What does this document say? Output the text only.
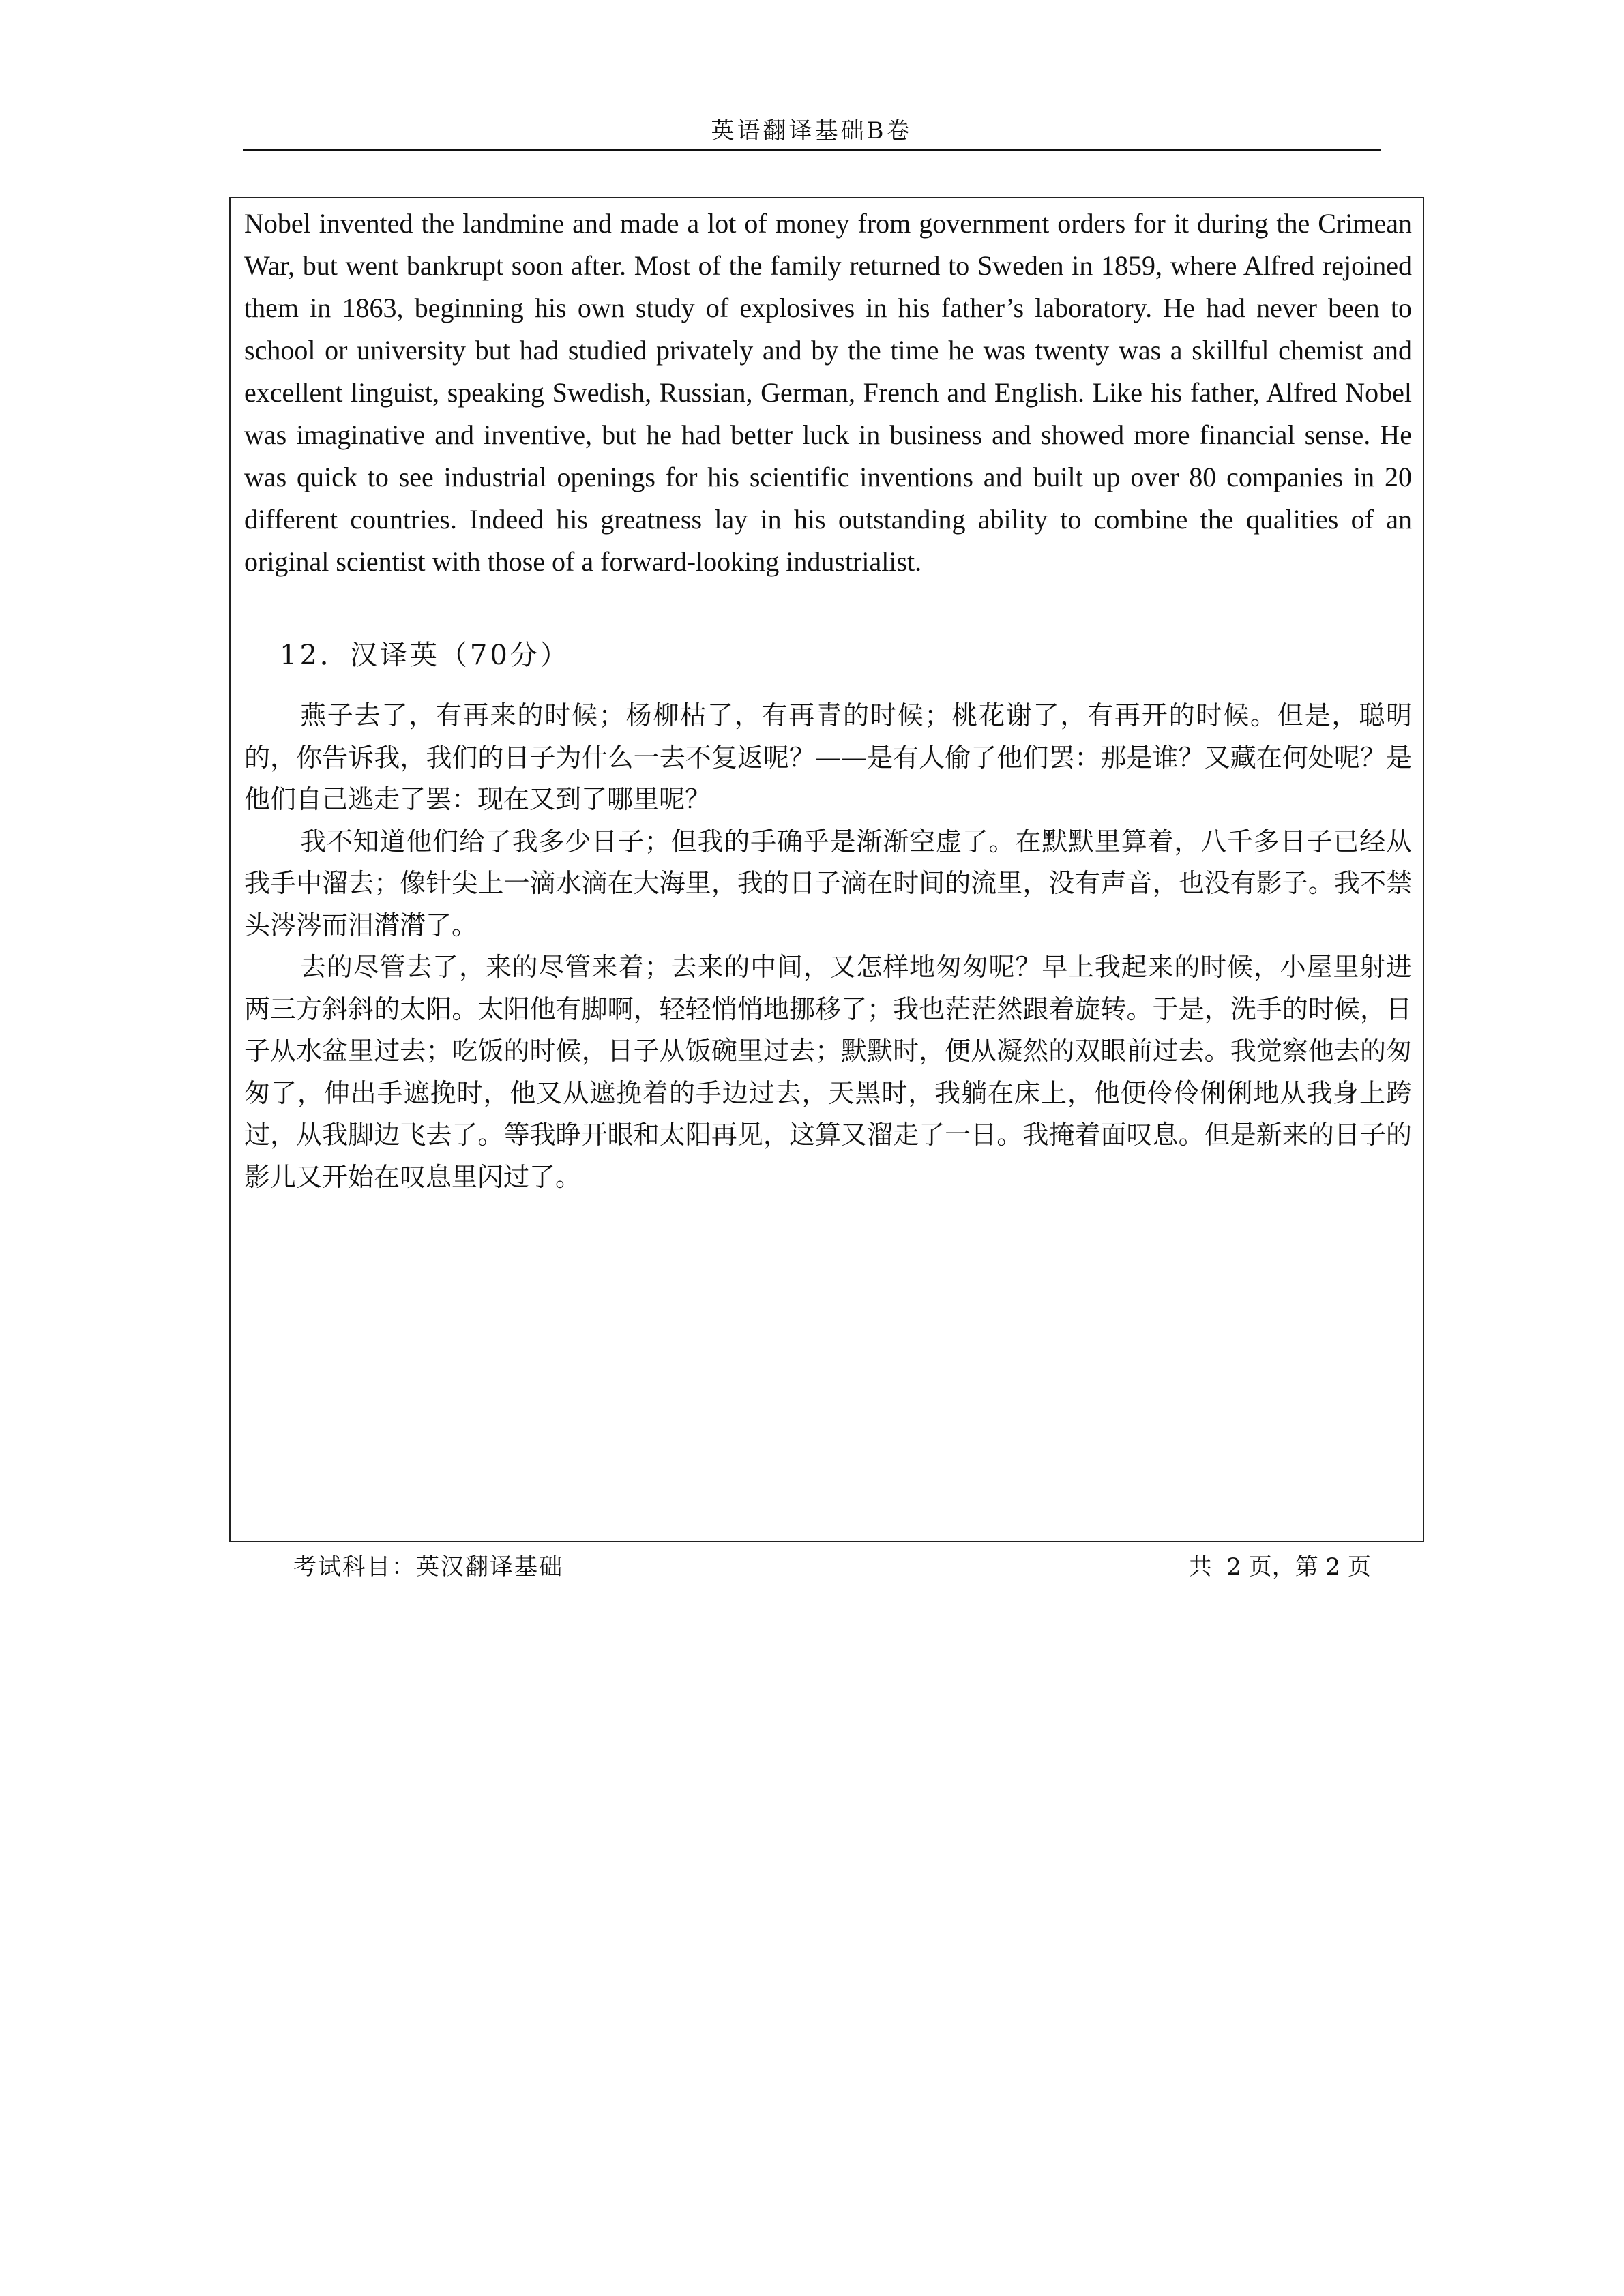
英语翻译基础B卷

Nobel invented the landmine and made a lot of money from government orders for it during the Crimean War, but went bankrupt soon after. Most of the family returned to Sweden in 1859, where Alfred rejoined them in 1863, beginning his own study of explosives in his father’s laboratory. He had never been to school or university but had studied privately and by the time he was twenty was a skillful chemist and excellent linguist, speaking Swedish, Russian, German, French and English. Like his father, Alfred Nobel was imaginative and inventive, but he had better luck in business and showed more financial sense. He was quick to see industrial openings for his scientific inventions and built up over 80 companies in 20 different countries. Indeed his greatness lay in his outstanding ability to combine the qualities of an original scientist with those of a forward-looking industrialist.

12．汉译英（70分）

燕子去了，有再来的时候；杨柳枯了，有再青的时候；桃花谢了，有再开的时候。但是，聪明的，你告诉我，我们的日子为什么一去不复返呢？——是有人偷了他们罢：那是谁？又藏在何处呢？是他们自己逃走了罢：现在又到了哪里呢？

我不知道他们给了我多少日子；但我的手确乎是渐渐空虚了。在默默里算着，八千多日子已经从我手中溜去；像针尖上一滴水滴在大海里，我的日子滴在时间的流里，没有声音，也没有影子。我不禁头涔涔而泪潸潸了。

去的尽管去了，来的尽管来着；去来的中间，又怎样地匆匆呢？早上我起来的时候，小屋里射进两三方斜斜的太阳。太阳他有脚啊，轻轻悄悄地挪移了；我也茫茫然跟着旋转。于是，洗手的时候，日子从水盆里过去；吃饭的时候，日子从饭碗里过去；默默时，便从凝然的双眼前过去。我觉察他去的匆匆了，伸出手遮挽时，他又从遮挽着的手边过去，天黑时，我躺在床上，他便伶伶俐俐地从我身上跨过，从我脚边飞去了。等我睁开眼和太阳再见，这算又溜走了一日。我掩着面叹息。但是新来的日子的影儿又开始在叹息里闪过了。

考试科目：英汉翻译基础	共  2 页，第 2 页
